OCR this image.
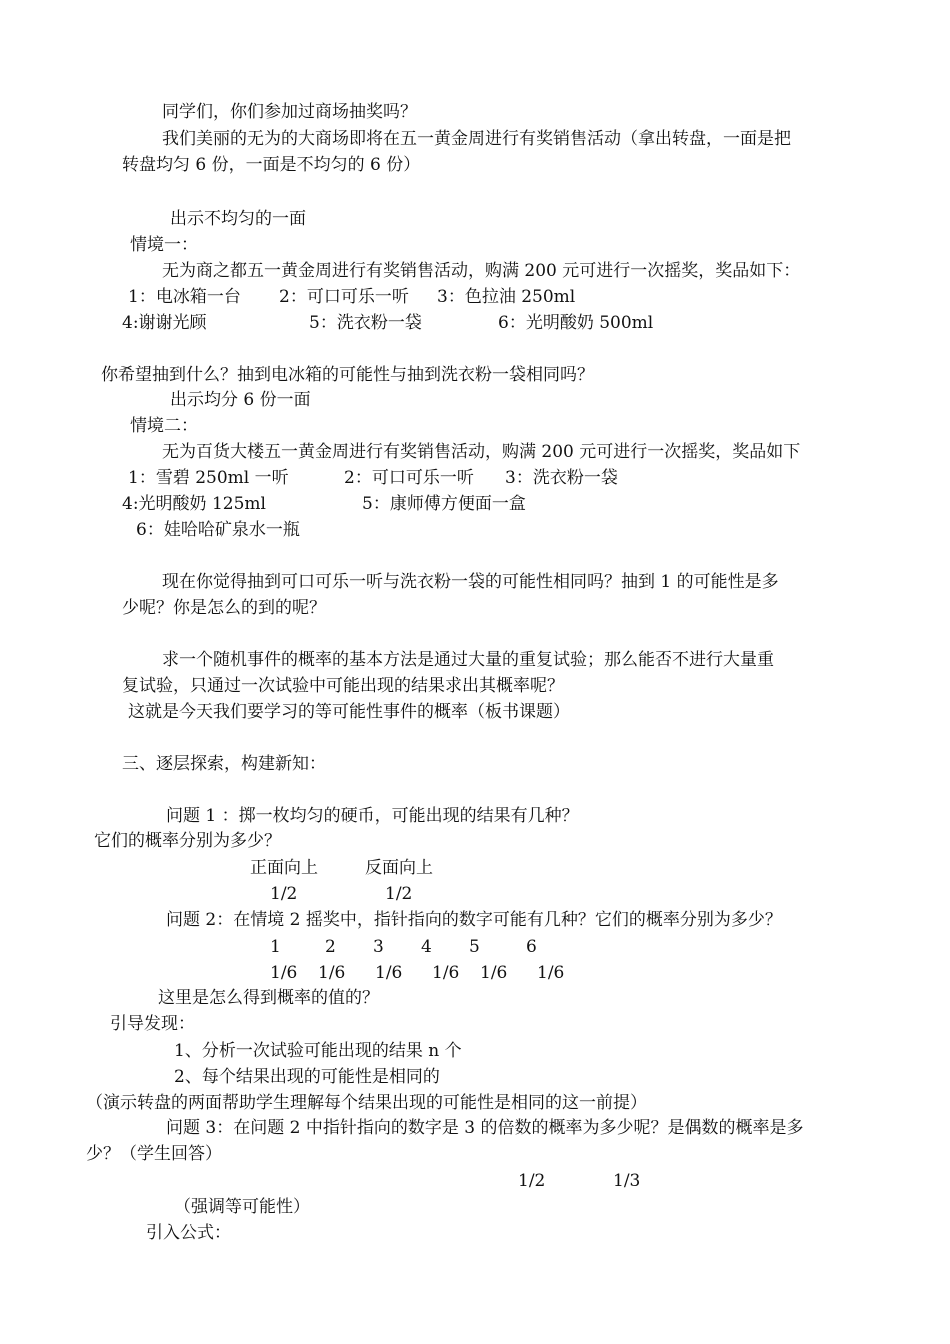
同学们，你们参加过商场抽奖吗？
我们美丽的无为的大商场即将在五一黄金周进行有奖销售活动（拿出转盘，一面是把
转盘均匀 6 份，一面是不均匀的 6 份）
出示不均匀的一面
情境一：
无为商之都五一黄金周进行有奖销售活动，购满 200 元可进行一次摇奖，奖品如下：
1：电冰箱一台 2：可口可乐一听 3：色拉油 250ml
4:谢谢光顾	5：洗衣粉一袋	6：光明酸奶 500ml
你希望抽到什么？抽到电冰箱的可能性与抽到洗衣粉一袋相同吗？
出示均分 6 份一面
情境二：
无为百货大楼五一黄金周进行有奖销售活动，购满 200 元可进行一次摇奖，奖品如下
1：雪碧 250ml 一听	2：可口可乐一听 3：洗衣粉一袋
4:光明酸奶 125ml	5：康师傅方便面一盒
6：娃哈哈矿泉水一瓶
现在你觉得抽到可口可乐一听与洗衣粉一袋的可能性相同吗？抽到 1 的可能性是多
少呢？你是怎么的到的呢？
求一个随机事件的概率的基本方法是通过大量的重复试验；那么能否不进行大量重
复试验，只通过一次试验中可能出现的结果求出其概率呢？
这就是今天我们要学习的等可能性事件的概率（板书课题）
三、逐层探索，构建新知：
问题 1 ：掷一枚均匀的硬币，可能出现的结果有几种？
它们的概率分别为多少？
正面向上	反面向上
1/2	1/2
问题 2：在情境 2 摇奖中，指针指向的数字可能有几种？它们的概率分别为多少？
1	2 3 4 5	6
1/6 1/6 1/6 1/6 1/6 1/6
这里是怎么得到概率的值的？
引导发现：
1、分析一次试验可能出现的结果 n 个
2、每个结果出现的可能性是相同的
（演示转盘的两面帮助学生理解每个结果出现的可能性是相同的这一前提）
问题 3：在问题 2 中指针指向的数字是 3 的倍数的概率为多少呢？是偶数的概率是多
少？（学生回答）
1/2	1/3
（强调等可能性）
引入公式：
